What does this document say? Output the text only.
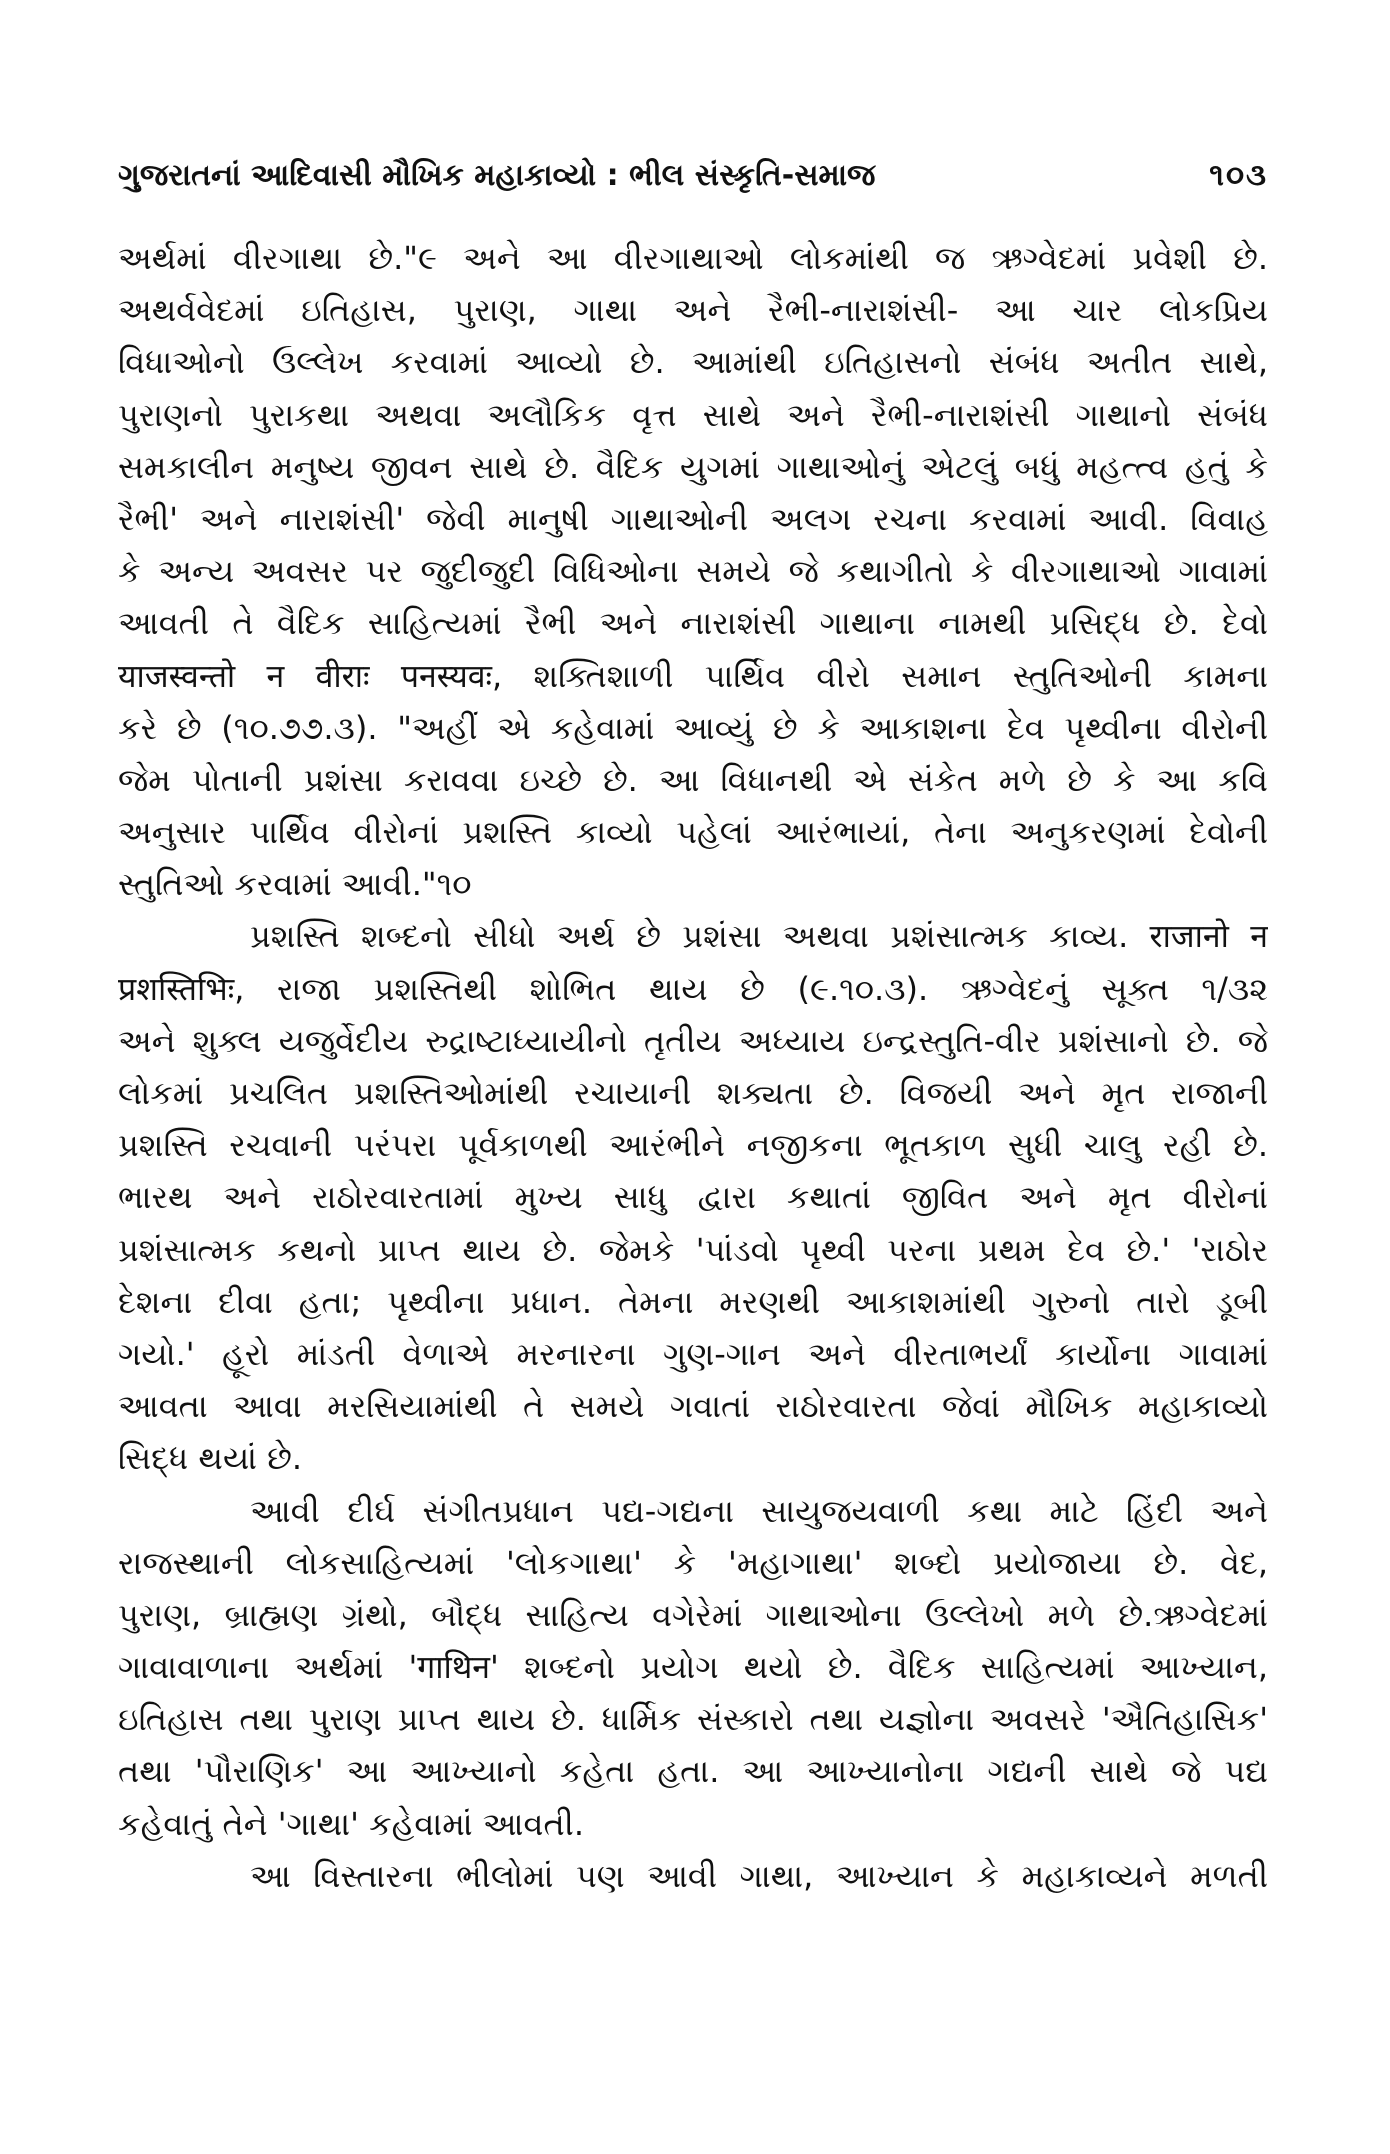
ગુજરાતનાં આદિવાસી મૌખિક મહાકાવ્યો : ભીલ સંસ્કૃતિ-સમાજ	૧૦૩
અર્થમાં વીરગાથા છે."૯ અને આ વીરગાથાઓ લોકમાંથી જ ઋગ્વેદમાં પ્રવેશી છે.
અથર્વવેદમાં ઇતિહાસ, પુરાણ, ગાથા અને રૈભી-નારાશંસી- આ ચાર લોકપ્રિય
વિધાઓનો ઉલ્લેખ કરવામાં આવ્યો છે. આમાંથી ઇતિહાસનો સંબંધ અતીત સાથે,
પુરાણનો પુરાકથા અથવા અલૌકિક વૃત્ત સાથે અને રૈભી-નારાશંસી ગાથાનો સંબંધ
સમકાલીન મનુષ્ય જીવન સાથે છે. વૈદિક યુગમાં ગાથાઓનું એટલું બધું મહત્ત્વ હતું કે
રૈભી' અને નારાશંસી' જેવી માનુષી ગાથાઓની અલગ રચના કરવામાં આવી. વિવાહ
કે અન્ય અવસર પર જુદીજુદી વિધિઓના સમયે જે કથાગીતો કે વીરગાથાઓ ગાવામાં
આવતી તે વૈદિક સાહિત્યમાં રૈભી અને નારાશંસી ગાથાના નામથી પ્રસિદ્ધ છે. દેવો
याजस्वन्तो न वीराः पनस्यवः, શક્તિશાળી પાર્થિવ વીરો સમાન સ્તુતિઓની કામના
કરે છે (૧૦.૭૭.૩). "અહીં એ કહેવામાં આવ્યું છે કે આકાશના દેવ પૃથ્વીના વીરોની
જેમ પોતાની પ્રશંસા કરાવવા ઇચ્છે છે. આ વિધાનથી એ સંકેત મળે છે કે આ કવિ
અનુસાર પાર્થિવ વીરોનાં પ્રશસ્તિ કાવ્યો પહેલાં આરંભાયાં, તેના અનુકરણમાં દેવોની
સ્તુતિઓ કરવામાં આવી."૧૦
પ્રશસ્તિ શબ્દનો સીધો અર્થ છે પ્રશંસા અથવા પ્રશંસાત્મક કાવ્ય. राजानो न
प्रशस्तिभिः, રાજા પ્રશસ્તિથી શોભિત થાય છે (૯.૧૦.૩). ઋગ્વેદનું સૂક્ત ૧/૩૨
અને શુક્લ યજુર્વેદીય રુદ્રાષ્ટાધ્યાયીનો તૃતીય અધ્યાય ઇન્દ્રસ્તુતિ-વીર પ્રશંસાનો છે. જે
લોકમાં પ્રચલિત પ્રશસ્તિઓમાંથી રચાયાની શક્યતા છે. વિજયી અને મૃત રાજાની
પ્રશસ્તિ રચવાની પરંપરા પૂર્વકાળથી આરંભીને નજીકના ભૂતકાળ સુધી ચાલુ રહી છે.
ભારથ અને રાઠોરવારતામાં મુખ્ય સાધુ દ્વારા કથાતાં જીવિત અને મૃત વીરોનાં
પ્રશંસાત્મક કથનો પ્રાપ્ત થાય છે. જેમકે 'પાંડવો પૃથ્વી પરના પ્રથમ દેવ છે.' 'રાઠોર
દેશના દીવા હતા; પૃથ્વીના પ્રધાન. તેમના મરણથી આકાશમાંથી ગુરુનો તારો ડૂબી
ગયો.' હૂરો માંડતી વેળાએ મરનારના ગુણ-ગાન અને વીરતાભર્યાં કાર્યોના ગાવામાં
આવતા આવા મરસિયામાંથી તે સમયે ગવાતાં રાઠોરવારતા જેવાં મૌખિક મહાકાવ્યો
સિદ્ધ થયાં છે.
આવી દીર્ઘ સંગીતપ્રધાન પદ્ય-ગદ્યના સાયુજયવાળી કથા માટે હિંદી અને
રાજસ્થાની લોકસાહિત્યમાં 'લોકગાથા' કે 'મહાગાથા' શબ્દો પ્રયોજાયા છે. વેદ,
પુરાણ, બ્રાહ્મણ ગ્રંથો, બૌદ્ધ સાહિત્ય વગેરેમાં ગાથાઓના ઉલ્લેખો મળે છે.ઋગ્વેદમાં
ગાવાવાળાના અર્થમાં 'गाथिन' શબ્દનો પ્રયોગ થયો છે. વૈદિક સાહિત્યમાં આખ્યાન,
ઇતિહાસ તથા પુરાણ પ્રાપ્ત થાય છે. ધાર્મિક સંસ્કારો તથા યજ્ઞોના અવસરે 'ઐતિહાસિક'
તથા 'પૌરાણિક' આ આખ્યાનો કહેતા હતા. આ આખ્યાનોના ગદ્યની સાથે જે પદ્ય
કહેવાતું તેને 'ગાથા' કહેવામાં આવતી.
આ વિસ્તારના ભીલોમાં પણ આવી ગાથા, આખ્યાન કે મહાકાવ્યને મળતી
